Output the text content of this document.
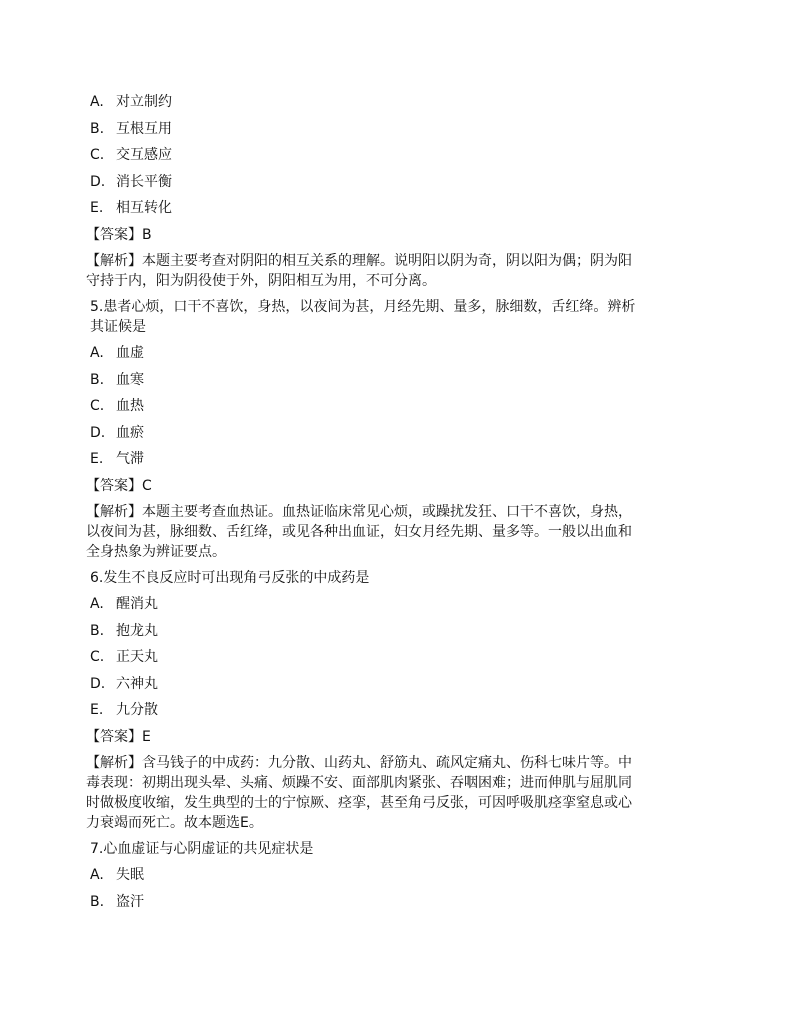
A. 对立制约
B. 互根互用
C. 交互感应
D. 消长平衡
E. 相互转化
【答案】B
【解析】本题主要考查对阴阳的相互关系的理解。说明阳以阴为奇，阴以阳为偶；阴为阳
守持于内，阳为阴役使于外，阴阳相互为用，不可分离。
5.患者心烦，口干不喜饮，身热，以夜间为甚，月经先期、量多，脉细数，舌红绛。辨析
其证候是
A. 血虚
B. 血寒
C. 血热
D. 血瘀
E. 气滞
【答案】C
【解析】本题主要考查血热证。血热证临床常见心烦，或躁扰发狂、口干不喜饮，身热，
以夜间为甚，脉细数、舌红绛，或见各种出血证，妇女月经先期、量多等。一般以出血和
全身热象为辨证要点。
6.发生不良反应时可出现角弓反张的中成药是
A. 醒消丸
B. 抱龙丸
C. 正天丸
D. 六神丸
E. 九分散
【答案】E
【解析】含马钱子的中成药：九分散、山药丸、舒筋丸、疏风定痛丸、伤科七味片等。中
毒表现：初期出现头晕、头痛、烦躁不安、面部肌肉紧张、吞咽困难；进而伸肌与屈肌同
时做极度收缩，发生典型的士的宁惊厥、痉挛，甚至角弓反张，可因呼吸肌痉挛窒息或心
力衰竭而死亡。故本题选E。
7.心血虚证与心阴虚证的共见症状是
A. 失眠
B. 盗汗
